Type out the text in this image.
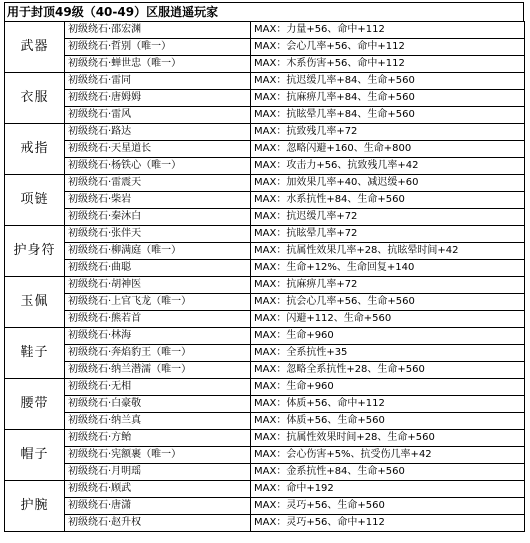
用于封顶49级（40-49）区服逍遥玩家
武器	初级绕石·邵宏渊	MAX：力量+56、命中+112
	初级绕石·哲别（唯一）	MAX：会心几率+56、命中+112
	初级绕石·蝉世忠（唯一）	MAX：木系伤害+56、命中+112
衣服	初级绕石·雷同	MAX：抗迟缓几率+84、生命+560
	初级绕石·唐姆姆	MAX：抗麻痹几率+84、生命+560
	初级绕石·雷风	MAX：抗眩晕几率+84、生命+560
戒指	初级绕石·路达	MAX：抗致残几率+72
	初级绕石·天星道长	MAX：忽略闪避+160、生命+800
	初级绕石·杨铁心（唯一）	MAX：攻击力+56、抗致残几率+42
项链	初级绕石·雷震天	MAX：加效果几率+40、减迟缓+60
	初级绕石·柴岩	MAX：水系抗性+84、生命+560
	初级绕石·秦沐白	MAX：抗迟缓几率+72
护身符	初级绕石·张伴天	MAX：抗眩晕几率+72
	初级绕石·柳满庭（唯一）	MAX：抗属性效果几率+28、抗眩晕时间+42
	初级绕石·曲聪	MAX：生命+12%、生命回复+140
玉佩	初级绕石·胡神医	MAX：抗麻痹几率+72
	初级绕石·上官飞龙（唯一）	MAX：抗会心几率+56、生命+560
	初级绕石·熊若首	MAX：闪避+112、生命+560
鞋子	初级绕石·林海	MAX：生命+960
	初级绕石·奔焰豹王（唯一）	MAX：全系抗性+35
	初级绕石·纳兰潜濡（唯一）	MAX：忽略全系抗性+28、生命+560
腰带	初级绕石·无相	MAX：生命+960
	初级绕石·白豪敬	MAX：体质+56、命中+112
	初级绕石·纳兰真	MAX：体质+56、生命+560
帽子	初级绕石·方鲐	MAX：抗属性效果时间+28、生命+560
	初级绕石·宪额裹（唯一）	MAX：会心伤害+5%、抗受伤几率+42
	初级绕石·月明瑶	MAX：金系抗性+84、生命+560
护腕	初级绕石·顾武	MAX：命中+192
	初级绕石·唐潇	MAX：灵巧+56、生命+560
	初级绕石·赵升权	MAX：灵巧+56、命中+112
